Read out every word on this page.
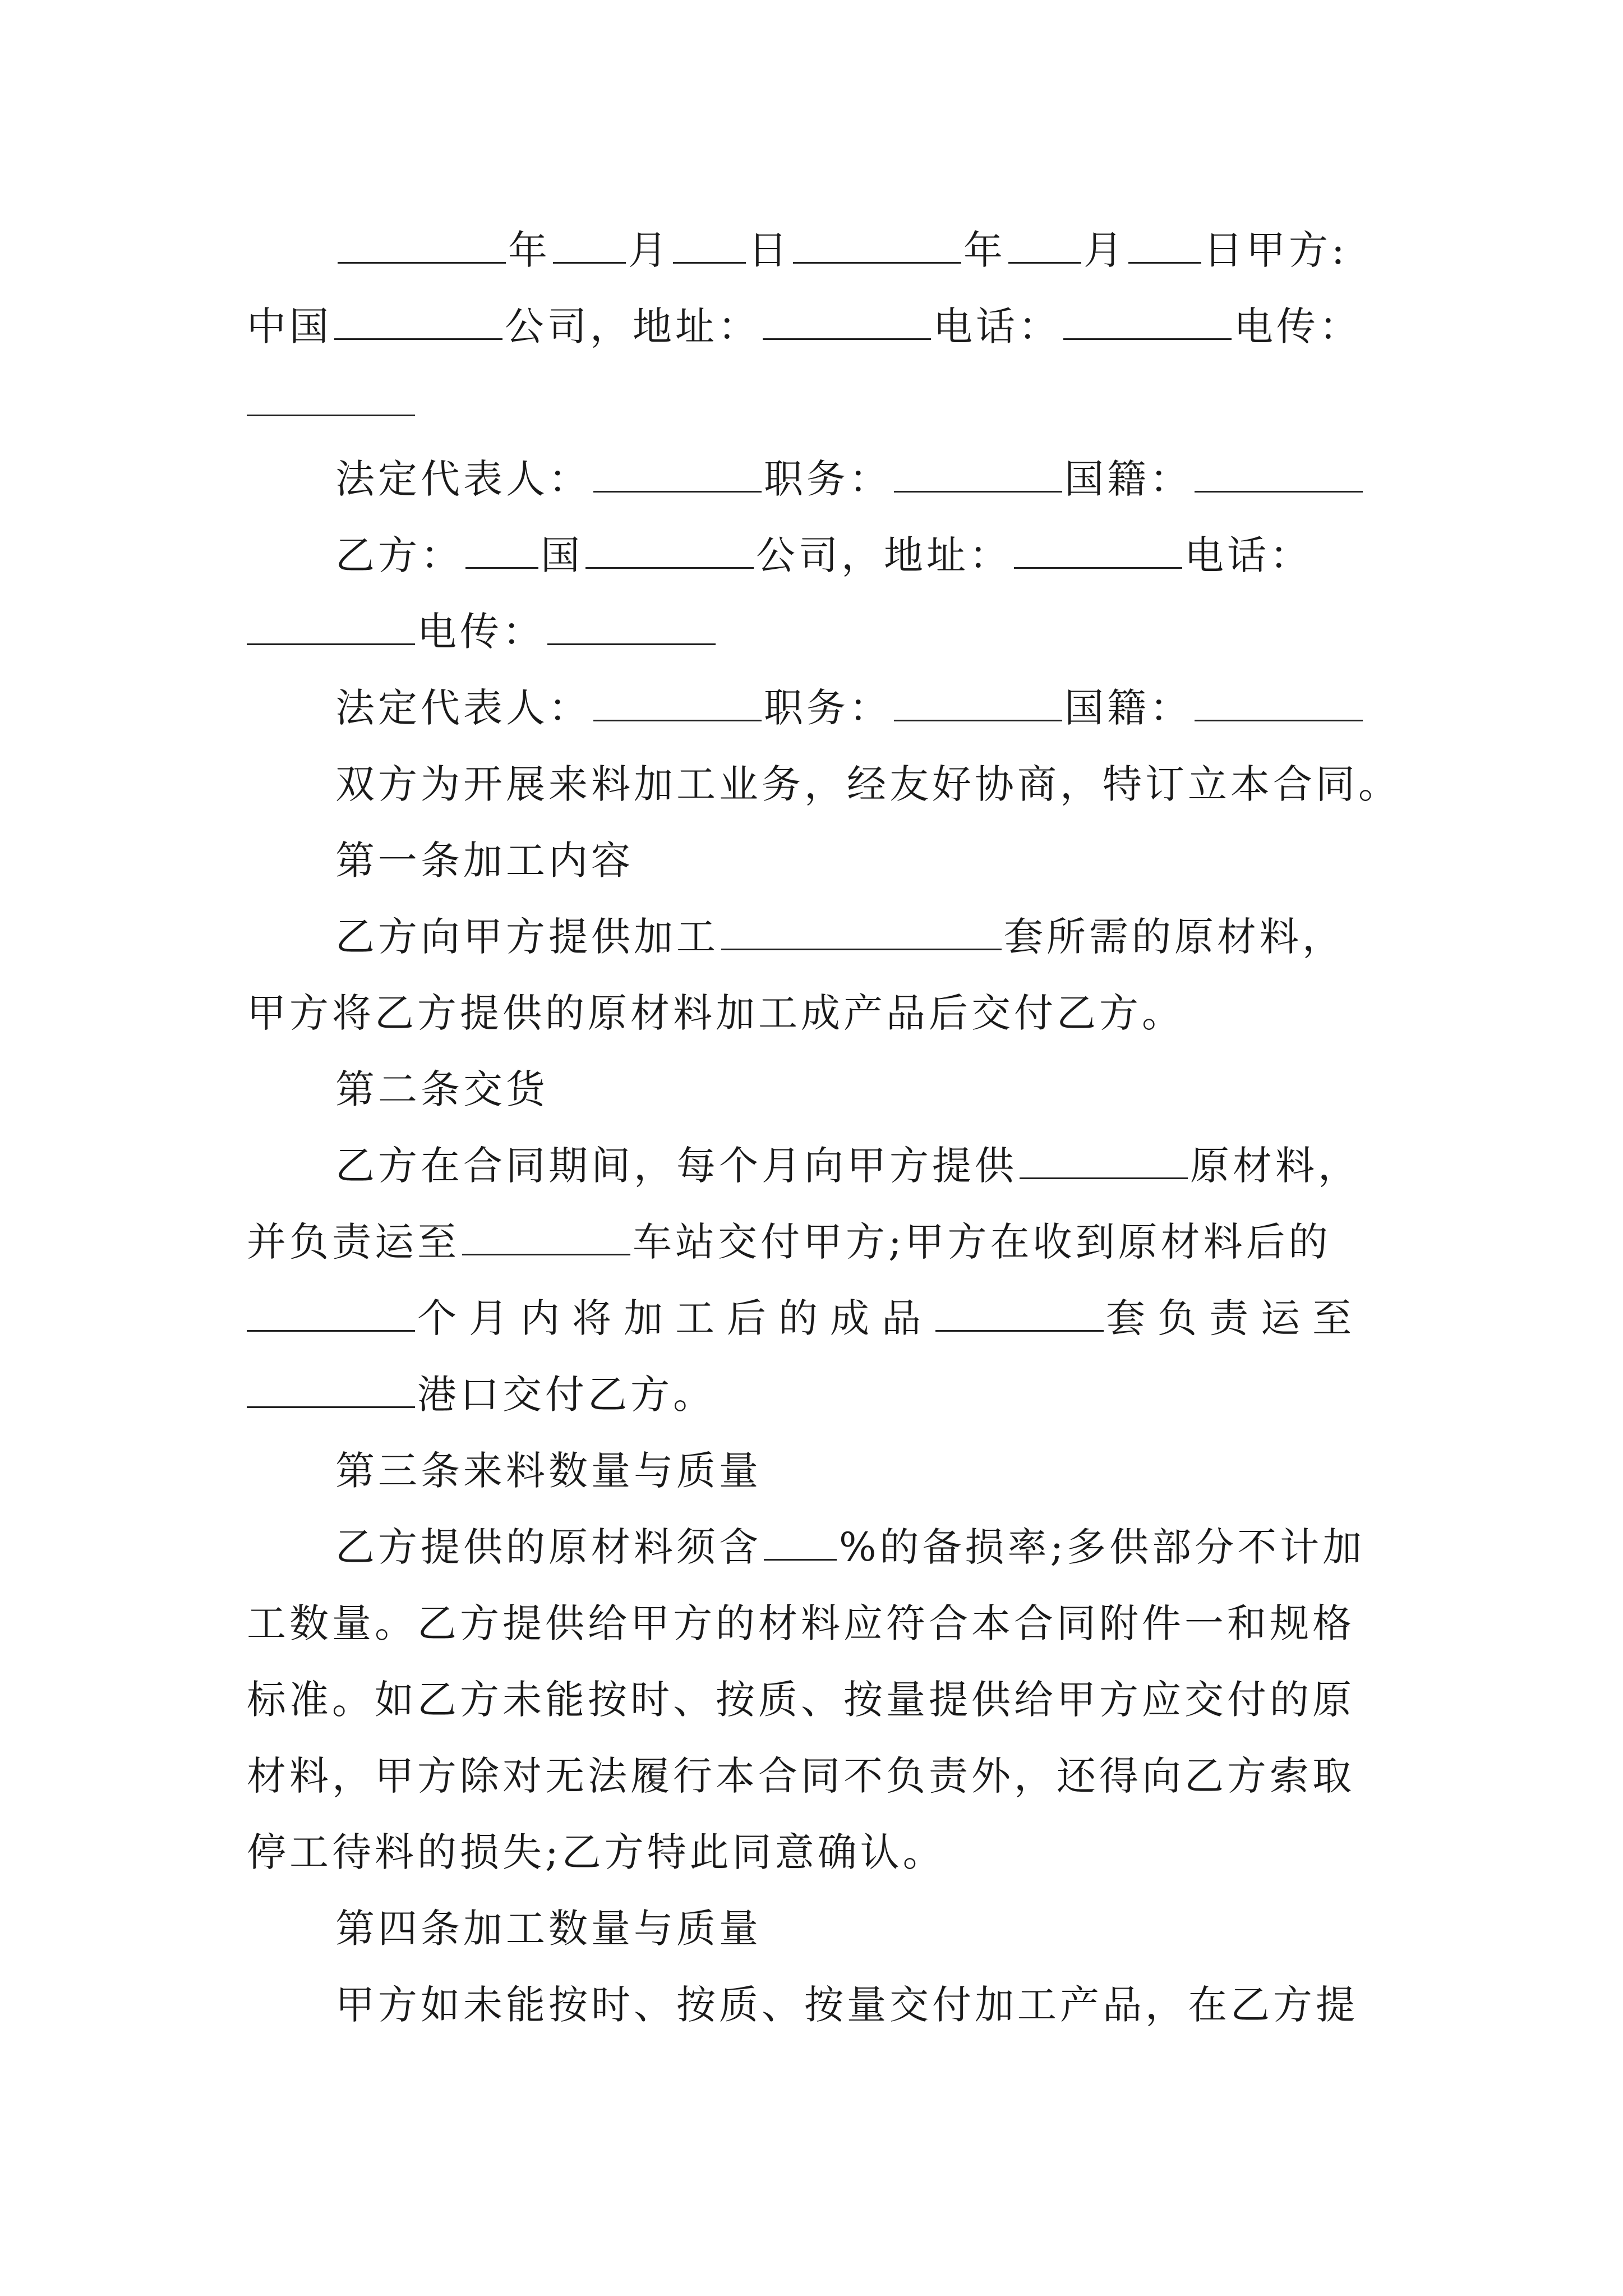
年 月 日	年 月 日甲方:
中国	公司，地址：	电话：	电传：
法定代表人：	职务：	国籍：
乙方： 国	公司，地址：	电话：
电传：
法定代表人：	职务：	国籍：
双方为开展来料加工业务，经友好协商，特订立本合同。
第一条加工内容
乙方向甲方提供加工	套所需的原材料，
甲方将乙方提供的原材料加工成产品后交付乙方。
第二条交货
乙方在合同期间，每个月向甲方提供	原材料，
并负责运至	车站交付甲方;甲方在收到原材料后的
个月内将加工后的成品	套负责运至
港口交付乙方。
第三条来料数量与质量
乙方提供的原材料须含 %的备损率;多供部分不计加
工数量。乙方提供给甲方的材料应符合本合同附件一和规格
标准。如乙方未能按时、按质、按量提供给甲方应交付的原
材料，甲方除对无法履行本合同不负责外，还得向乙方索取
停工待料的损失;乙方特此同意确认。
第四条加工数量与质量
甲方如未能按时、按质、按量交付加工产品，在乙方提
